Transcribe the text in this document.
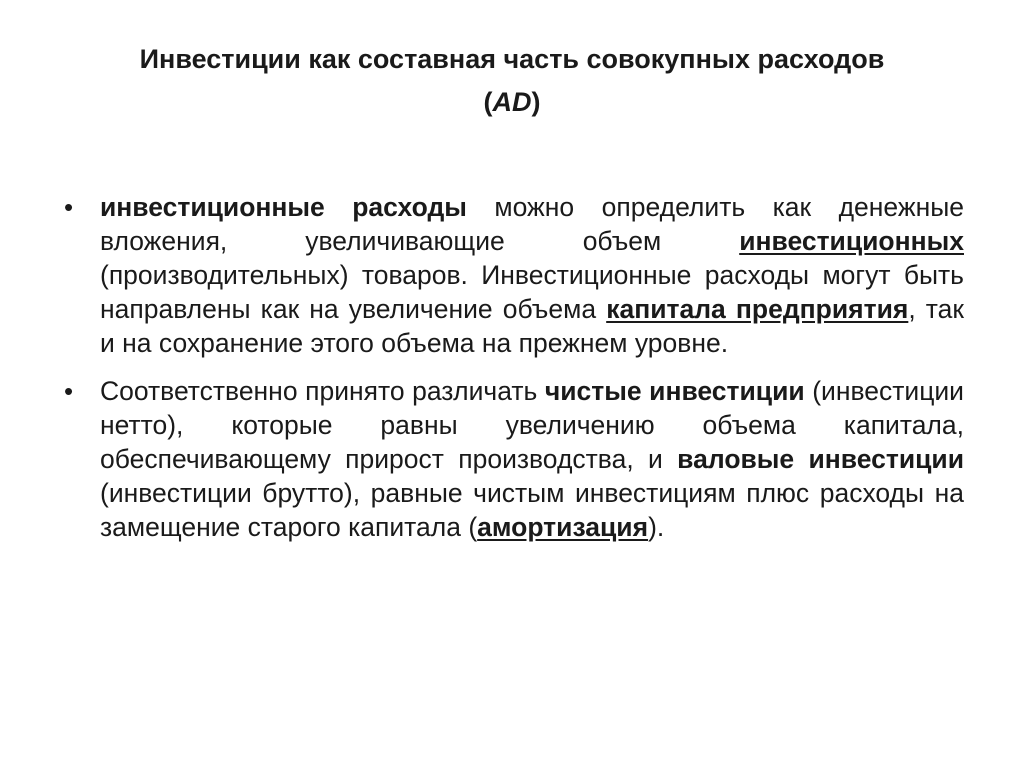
Инвестиции как составная часть совокупных расходов
(AD)
• инвестиционные расходы можно определить как денежные вложения, увеличивающие объем инвестиционных (производительных) товаров. Инвестиционные расходы могут быть направлены как на увеличение объема капитала предприятия, так и на сохранение этого объема на прежнем уровне.
• Соответственно принято различать чистые инвестиции (инвестиции нетто), которые равны увеличению объема капитала, обеспечивающему прирост производства, и валовые инвестиции (инвестиции брутто), равные чистым инвестициям плюс расходы на замещение старого капитала (амортизация).
